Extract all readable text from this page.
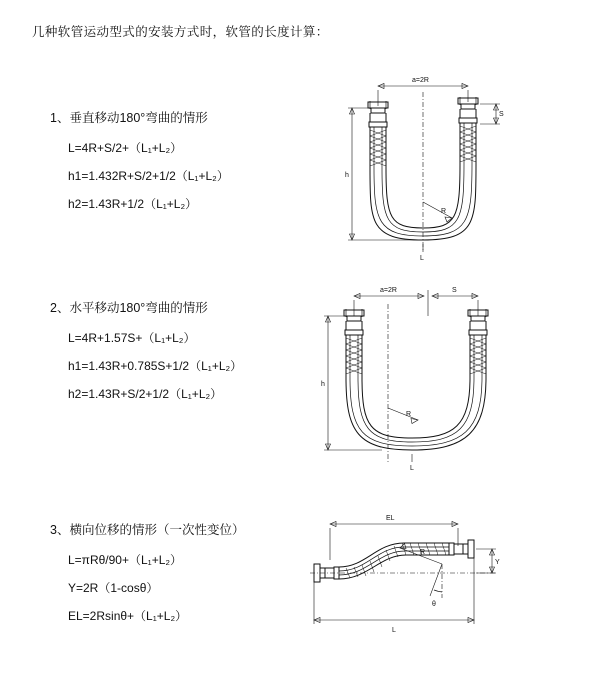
几种软管运动型式的安装方式时，软管的长度计算：

1、垂直移动180°弯曲的情形

L=4R+S/2+（L₁+L₂）

h1=1.432R+S/2+1/2（L₁+L₂）

h2=1.43R+1/2（L₁+L₂）

a=2R
R
h
S
L

2、水平移动180°弯曲的情形

L=4R+1.57S+（L₁+L₂）

h1=1.43R+0.785S+1/2（L₁+L₂）

h2=1.43R+S/2+1/2（L₁+L₂）

a=2R	S
R
h
L

3、横向位移的情形（一次性变位）

L=πRθ/90+（L₁+L₂）

Y=2R（1-cosθ）

EL=2Rsinθ+（L₁+L₂）

EL
L
Y
R
θ
